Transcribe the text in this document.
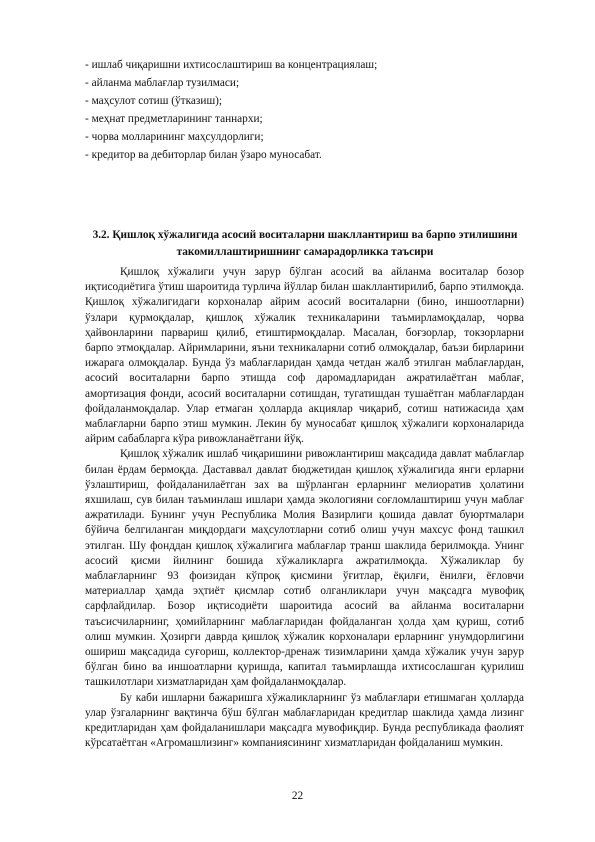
- ишлаб чиқаришни ихтисослаштириш ва концентрациялаш;
- айланма маблағлар тузилмаси;
- маҳсулот сотиш (ўтказиш);
- меҳнат предметларининг таннархи;
- чорва молларининг маҳсулдорлиги;
- кредитор ва дебиторлар билан ўзаро муносабат.
3.2. Қишлоқ хўжалигида асосий воситаларни шакллантириш ва барпо этилишини
такомиллаштиришнинг самарадорликка таъсири

Қишлоқ хўжалиги учун зарур бўлган асосий ва айланма воситалар бозор иқтисодиётига ўтиш шароитида турлича йўллар билан шакллантирилиб, барпо этилмоқда. Қишлоқ хўжалигидаги корхоналар айрим асосий воситаларни (бино, иншоотларни) ўзлари қурмоқдалар, қишлоқ хўжалик техникаларини таъмирламоқдалар, чорва ҳайвонларини парвариш қилиб, етиштирмоқдалар. Масалан, боғзорлар, токзорларни барпо этмоқдалар. Айримларини, яъни техникаларни сотиб олмоқдалар, баъзи бирларини ижарага олмоқдалар. Бунда ўз маблағларидан ҳамда четдан жалб этилган маблағлардан, асосий воситаларни барпо этишда соф даромадларидан ажратилаётган маблағ, амортизация фонди, асосий воситаларни сотишдан, тугатишдан тушаётган маблағлардан фойдаланмоқдалар. Улар етмаган ҳолларда акциялар чиқариб, сотиш натижасида ҳам маблағларни барпо этиш мумкин. Лекин бу муносабат қишлоқ хўжалиги корхоналарида айрим сабабларга кўра ривожланаётгани йўқ.

Қишлоқ хўжалик ишлаб чиқаришини ривожлантириш мақсадида давлат маблағлар билан ёрдам бермоқда. Даставвал давлат бюджетидан қишлоқ хўжалигида янги ерларни ўзлаштириш, фойдаланилаётган зах ва шўрланган ерларнинг мелиоратив ҳолатини яхшилаш, сув билан таъминлаш ишлари ҳамда экологияни соғломлаштириш учун маблағ ажратилади. Бунинг учун Республика Молия Вазирлиги қошида давлат буюртмалари бўйича белгиланган миқдордаги маҳсулотларни сотиб олиш учун махсус фонд ташкил этилган. Шу фонддан қишлоқ хўжалигига маблағлар транш шаклида берилмоқда. Унинг асосий қисми йилнинг бошида хўжаликларга ажратилмоқда. Хўжаликлар бу маблағларнинг 93 фоизидан кўпроқ қисмини ўғитлар, ёқилғи, ёнилғи, ёғловчи материаллар ҳамда эҳтиёт қисмлар сотиб олганликлари учун мақсадга мувофиқ сарфлайдилар. Бозор иқтисодиёти шароитида асосий ва айланма воситаларни таъсисчиларнинг, ҳомийларнинг маблағларидан фойдаланган ҳолда ҳам қуриш, сотиб олиш мумкин. Ҳозирги даврда қишлоқ хўжалик корхоналари ерларнинг унумдорлигини ошириш мақсадида суғориш, коллектор-дренаж тизимларини ҳамда хўжалик учун зарур бўлган бино ва иншоатларни қуришда, капитал таъмирлашда ихтисослашган қурилиш ташкилотлари хизматларидан ҳам фойдаланмоқдалар.

Бу каби ишларни бажаришга хўжаликларнинг ўз маблағлари етишмаган ҳолларда улар ўзгаларнинг вақтинча бўш бўлган маблағларидан кредитлар шаклида ҳамда лизинг кредитларидан ҳам фойдаланишлари мақсадга мувофиқдир. Бунда республикада фаолият кўрсатаётган «Агромашлизинг» компаниясининг хизматларидан фойдаланиш мумкин.

22
